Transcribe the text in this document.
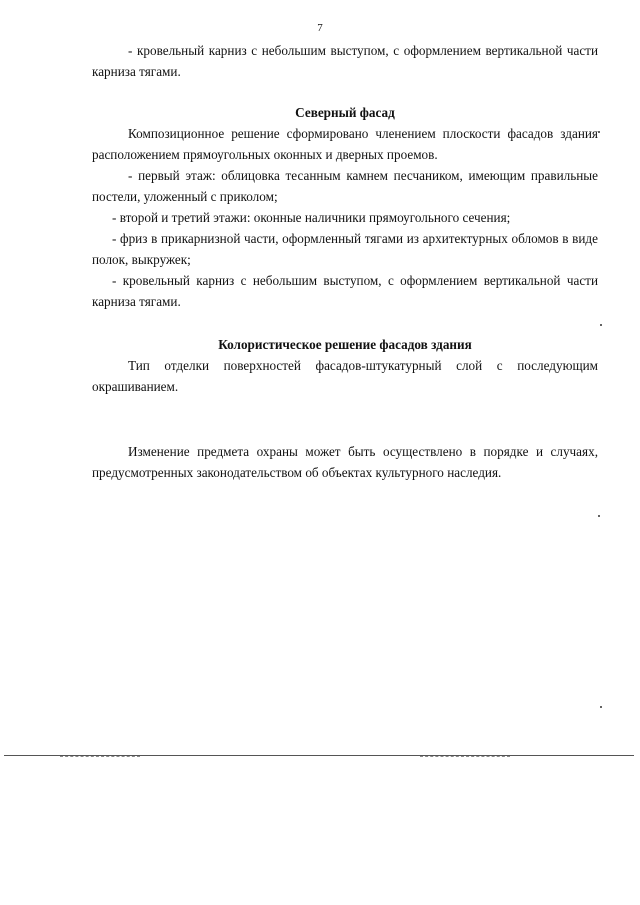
7

- кровельный карниз с небольшим выступом, с оформлением вертикальной части карниза тягами.

Северный фасад

Композиционное решение сформировано членением плоскости фасадов здания расположением прямоугольных оконных и дверных проемов.

- первый этаж: облицовка тесанным камнем песчаником, имеющим правильные постели, уложенный с приколом;

- второй и третий этажи: оконные наличники прямоугольного сечения;

- фриз в прикарнизной части, оформленный тягами из архитектурных обломов в виде полок, выкружек;

- кровельный карниз с небольшим выступом, с оформлением вертикальной части карниза тягами.

Колористическое решение фасадов здания

Тип отделки поверхностей фасадов-штукатурный слой с последующим окрашиванием.

Изменение предмета охраны может быть осуществлено в порядке и случаях, предусмотренных законодательством об объектах культурного наследия.
